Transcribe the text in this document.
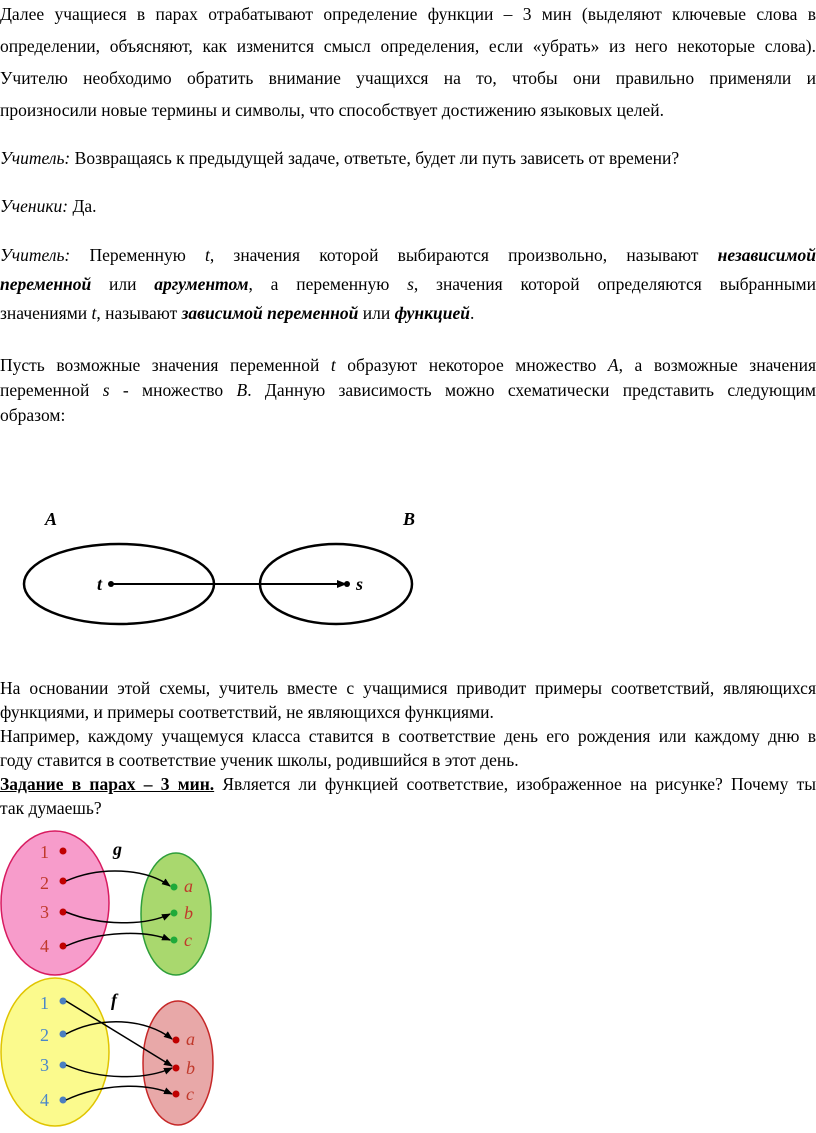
Далее учащиеся в парах отрабатывают определение функции – 3 мин (выделяют ключевые слова в
определении, объясняют, как изменится смысл определения, если «убрать» из него некоторые слова).
Учителю необходимо обратить внимание учащихся на то, чтобы они правильно применяли и
произносили новые термины и символы, что способствует достижению языковых целей.
Учитель: Возвращаясь к предыдущей задаче, ответьте, будет ли путь зависеть от времени?
Ученики: Да.
Учитель: Переменную t, значения которой выбираются произвольно, называют независимой
переменной или аргументом, а переменную s, значения которой определяются выбранными
значениями t, называют зависимой переменной или функцией.
Пусть возможные значения переменной t образуют некоторое множество A, а возможные значения
переменной s - множество B. Данную зависимость можно схематически представить следующим
образом:
A	B
t	s
На основании этой схемы, учитель вместе с учащимися приводит примеры соответствий, являющихся
функциями, и примеры соответствий, не являющихся функциями.
Например, каждому учащемуся класса ставится в соответствие день его рождения или каждому дню в
году ставится в соответствие ученик школы, родившийся в этот день.
Задание в парах – 3 мин. Является ли функцией соответствие, изображенное на рисунке? Почему ты
так думаешь?
g
1
2
3
4
a
b
c
f
1
2
3
4
a
b
c
